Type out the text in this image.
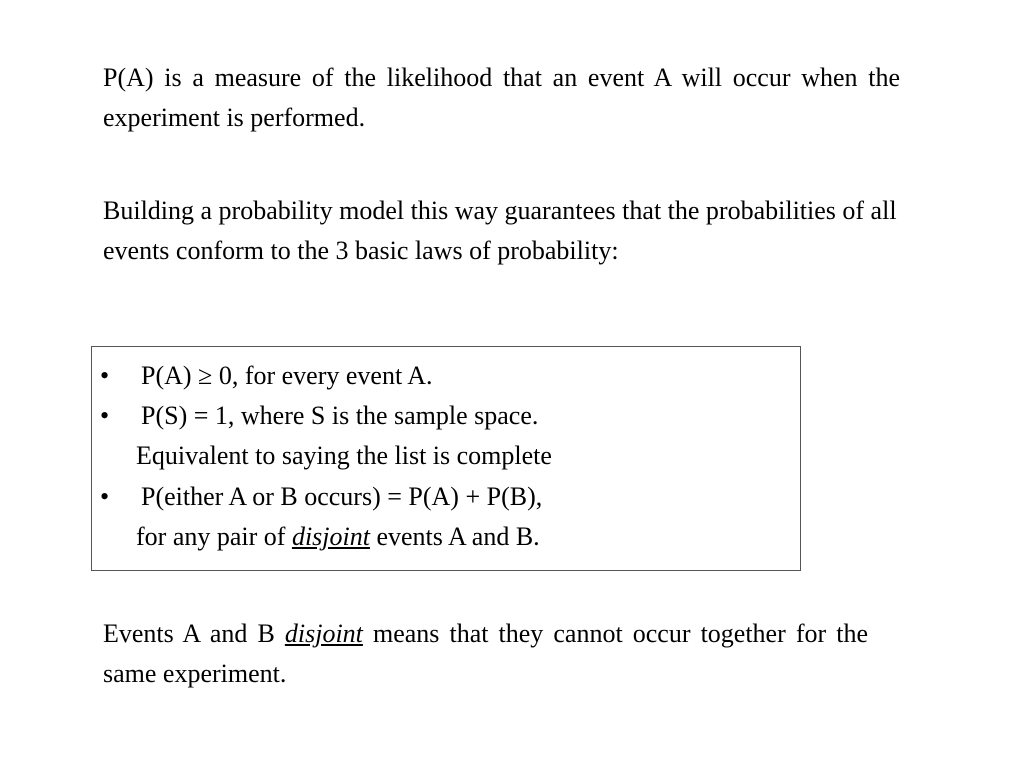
P(A) is a measure of the likelihood that an event A will occur when the experiment is performed.

Building a probability model this way guarantees that the probabilities of all events conform to the 3 basic laws of probability:

•	P(A) ≥ 0, for every event A.
•	P(S) = 1, where S is the sample space.
Equivalent to saying the list is complete
•	P(either A or B occurs) = P(A) + P(B),
for any pair of disjoint events A and B.

Events A and B disjoint means that they cannot occur together for the same experiment.
